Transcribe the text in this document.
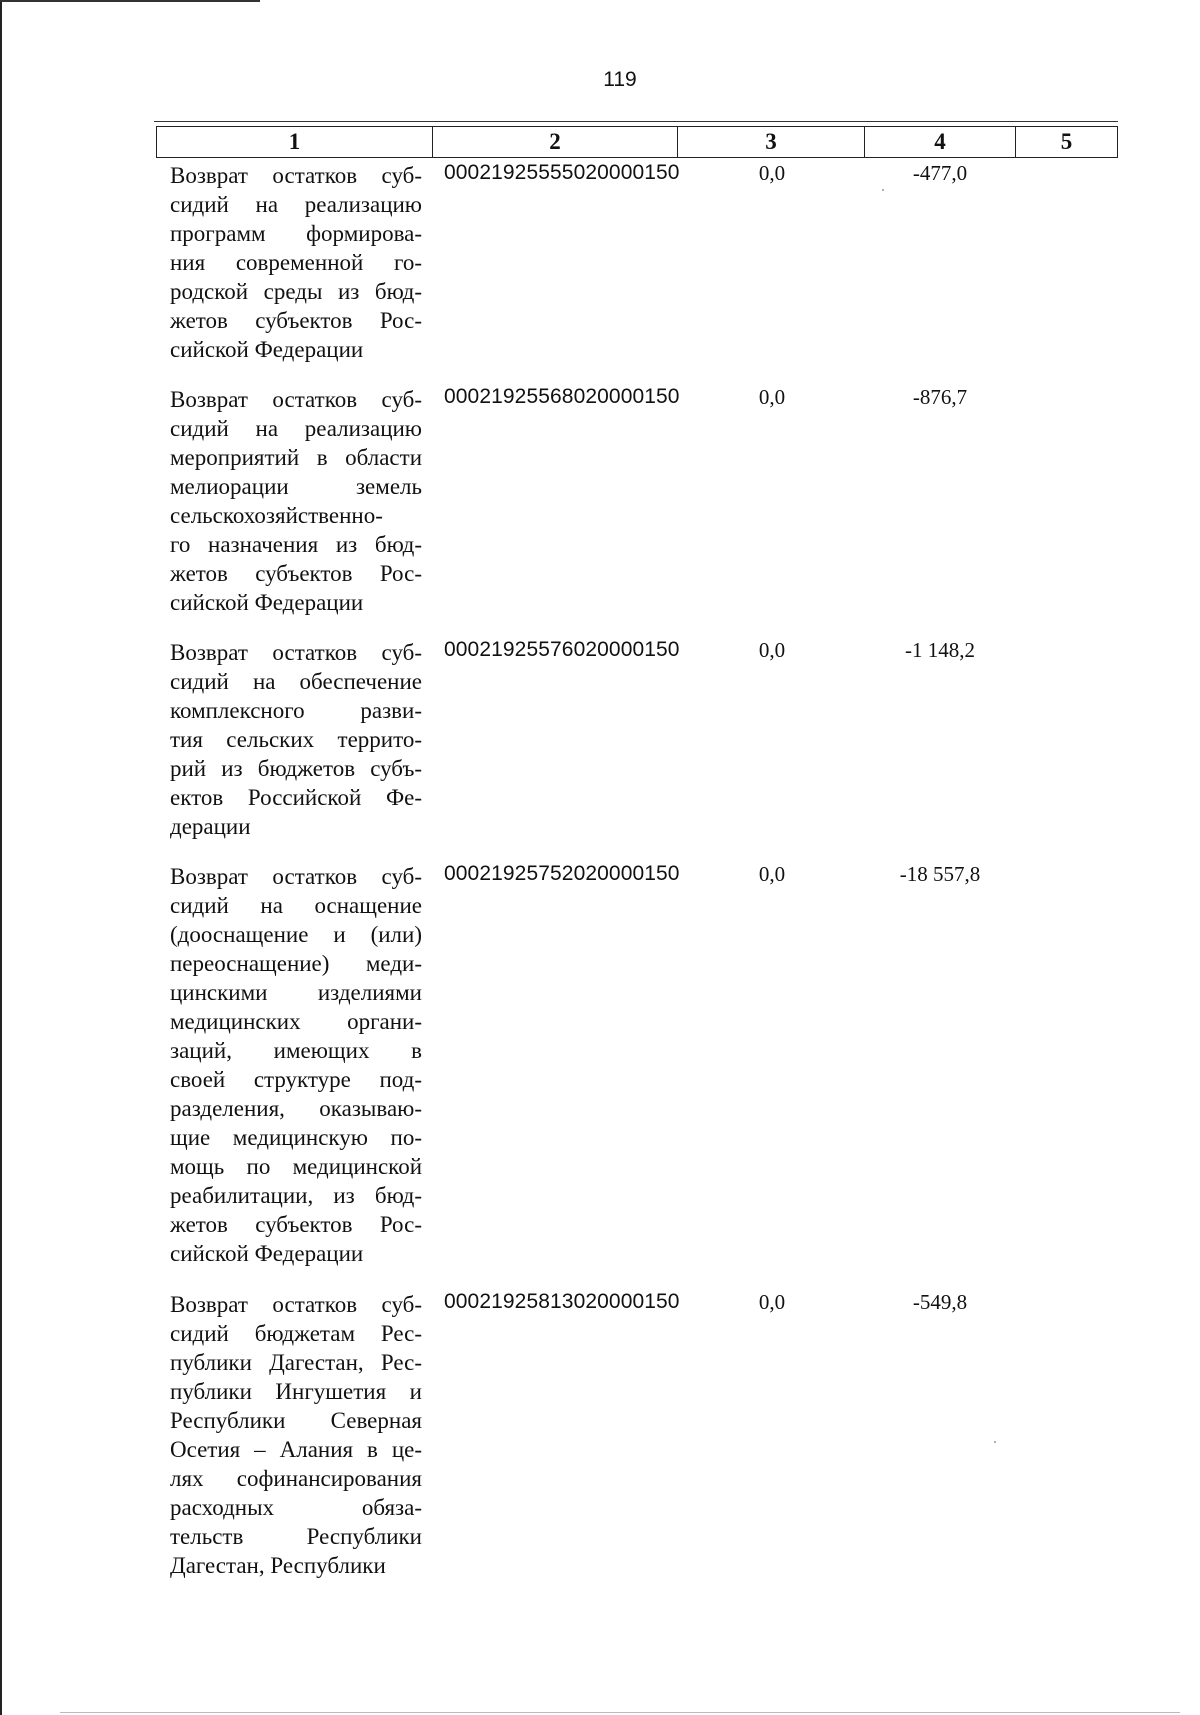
119
1	2	3	4	5
Возврат остатков суб-
сидий на реализацию
программ формирова-
ния современной го-
родской среды из бюд-
жетов субъектов Рос-
сийской Федерации
00021925555020000150	0,0	-477,0
Возврат остатков суб-
сидий на реализацию
мероприятий в области
мелиорации земель
сельскохозяйственно-
го назначения из бюд-
жетов субъектов Рос-
сийской Федерации
00021925568020000150	0,0	-876,7
Возврат остатков суб-
сидий на обеспечение
комплексного разви-
тия сельских террито-
рий из бюджетов субъ-
ектов Российской Фе-
дерации
00021925576020000150	0,0	-1 148,2
Возврат остатков суб-
сидий на оснащение
(дооснащение и (или)
переоснащение) меди-
цинскими изделиями
медицинских органи-
заций, имеющих в
своей структуре под-
разделения, оказываю-
щие медицинскую по-
мощь по медицинской
реабилитации, из бюд-
жетов субъектов Рос-
сийской Федерации
00021925752020000150	0,0	-18 557,8
Возврат остатков суб-
сидий бюджетам Рес-
публики Дагестан, Рес-
публики Ингушетия и
Республики Северная
Осетия – Алания в це-
лях софинансирования
расходных обяза-
тельств Республики
Дагестан, Республики
00021925813020000150	0,0	-549,8
